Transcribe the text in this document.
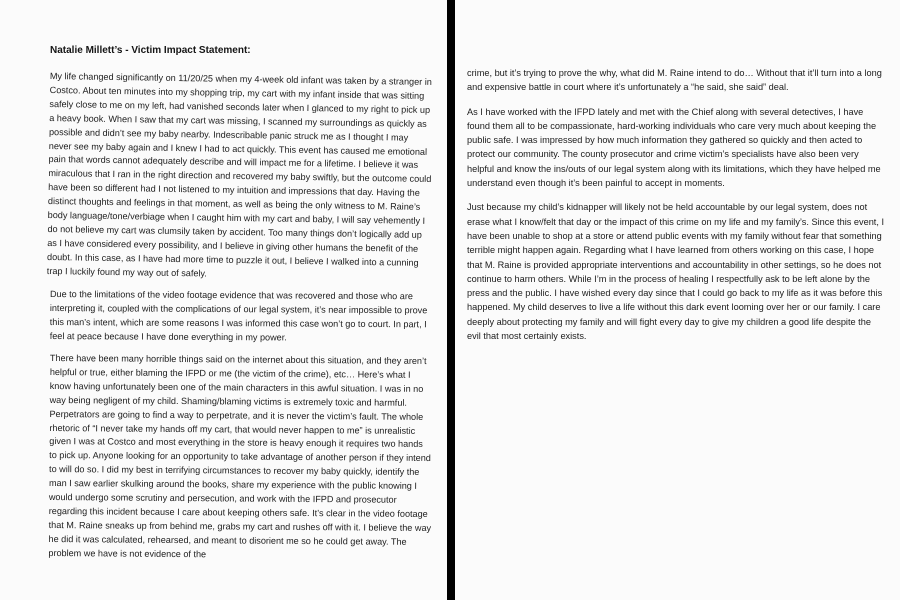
Natalie Millett’s - Victim Impact Statement:

My life changed significantly on 11/20/25 when my 4-week old infant was taken by a stranger in Costco. About ten minutes into my shopping trip, my cart with my infant inside that was sitting safely close to me on my left, had vanished seconds later when I glanced to my right to pick up a heavy book. When I saw that my cart was missing, I scanned my surroundings as quickly as possible and didn’t see my baby nearby. Indescribable panic struck me as I thought I may never see my baby again and I knew I had to act quickly. This event has caused me emotional pain that words cannot adequately describe and will impact me for a lifetime. I believe it was miraculous that I ran in the right direction and recovered my baby swiftly, but the outcome could have been so different had I not listened to my intuition and impressions that day. Having the distinct thoughts and feelings in that moment, as well as being the only witness to M. Raine’s body language/tone/verbiage when I caught him with my cart and baby, I will say vehemently I do not believe my cart was clumsily taken by accident. Too many things don’t logically add up as I have considered every possibility, and I believe in giving other humans the benefit of the doubt. In this case, as I have had more time to puzzle it out, I believe I walked into a cunning trap I luckily found my way out of safely.

Due to the limitations of the video footage evidence that was recovered and those who are interpreting it, coupled with the complications of our legal system, it’s near impossible to prove this man’s intent, which are some reasons I was informed this case won’t go to court. In part, I feel at peace because I have done everything in my power.

There have been many horrible things said on the internet about this situation, and they aren’t helpful or true, either blaming the IFPD or me (the victim of the crime), etc… Here’s what I know having unfortunately been one of the main characters in this awful situation. I was in no way being negligent of my child. Shaming/blaming victims is extremely toxic and harmful. Perpetrators are going to find a way to perpetrate, and it is never the victim’s fault. The whole rhetoric of “I never take my hands off my cart, that would never happen to me” is unrealistic given I was at Costco and most everything in the store is heavy enough it requires two hands to pick up. Anyone looking for an opportunity to take advantage of another person if they intend to will do so. I did my best in terrifying circumstances to recover my baby quickly, identify the man I saw earlier skulking around the books, share my experience with the public knowing I would undergo some scrutiny and persecution, and work with the IFPD and prosecutor regarding this incident because I care about keeping others safe. It’s clear in the video footage that M. Raine sneaks up from behind me, grabs my cart and rushes off with it. I believe the way he did it was calculated, rehearsed, and meant to disorient me so he could get away. The problem we have is not evidence of the

crime, but it’s trying to prove the why, what did M. Raine intend to do… Without that it’ll turn into a long and expensive battle in court where it’s unfortunately a “he said, she said” deal.

As I have worked with the IFPD lately and met with the Chief along with several detectives, I have found them all to be compassionate, hard-working individuals who care very much about keeping the public safe. I was impressed by how much information they gathered so quickly and then acted to protect our community. The county prosecutor and crime victim’s specialists have also been very helpful and know the ins/outs of our legal system along with its limitations, which they have helped me understand even though it’s been painful to accept in moments.

Just because my child’s kidnapper will likely not be held accountable by our legal system, does not erase what I know/felt that day or the impact of this crime on my life and my family’s. Since this event, I have been unable to shop at a store or attend public events with my family without fear that something terrible might happen again. Regarding what I have learned from others working on this case, I hope that M. Raine is provided appropriate interventions and accountability in other settings, so he does not continue to harm others. While I’m in the process of healing I respectfully ask to be left alone by the press and the public. I have wished every day since that I could go back to my life as it was before this happened. My child deserves to live a life without this dark event looming over her or our family. I care deeply about protecting my family and will fight every day to give my children a good life despite the evil that most certainly exists.
